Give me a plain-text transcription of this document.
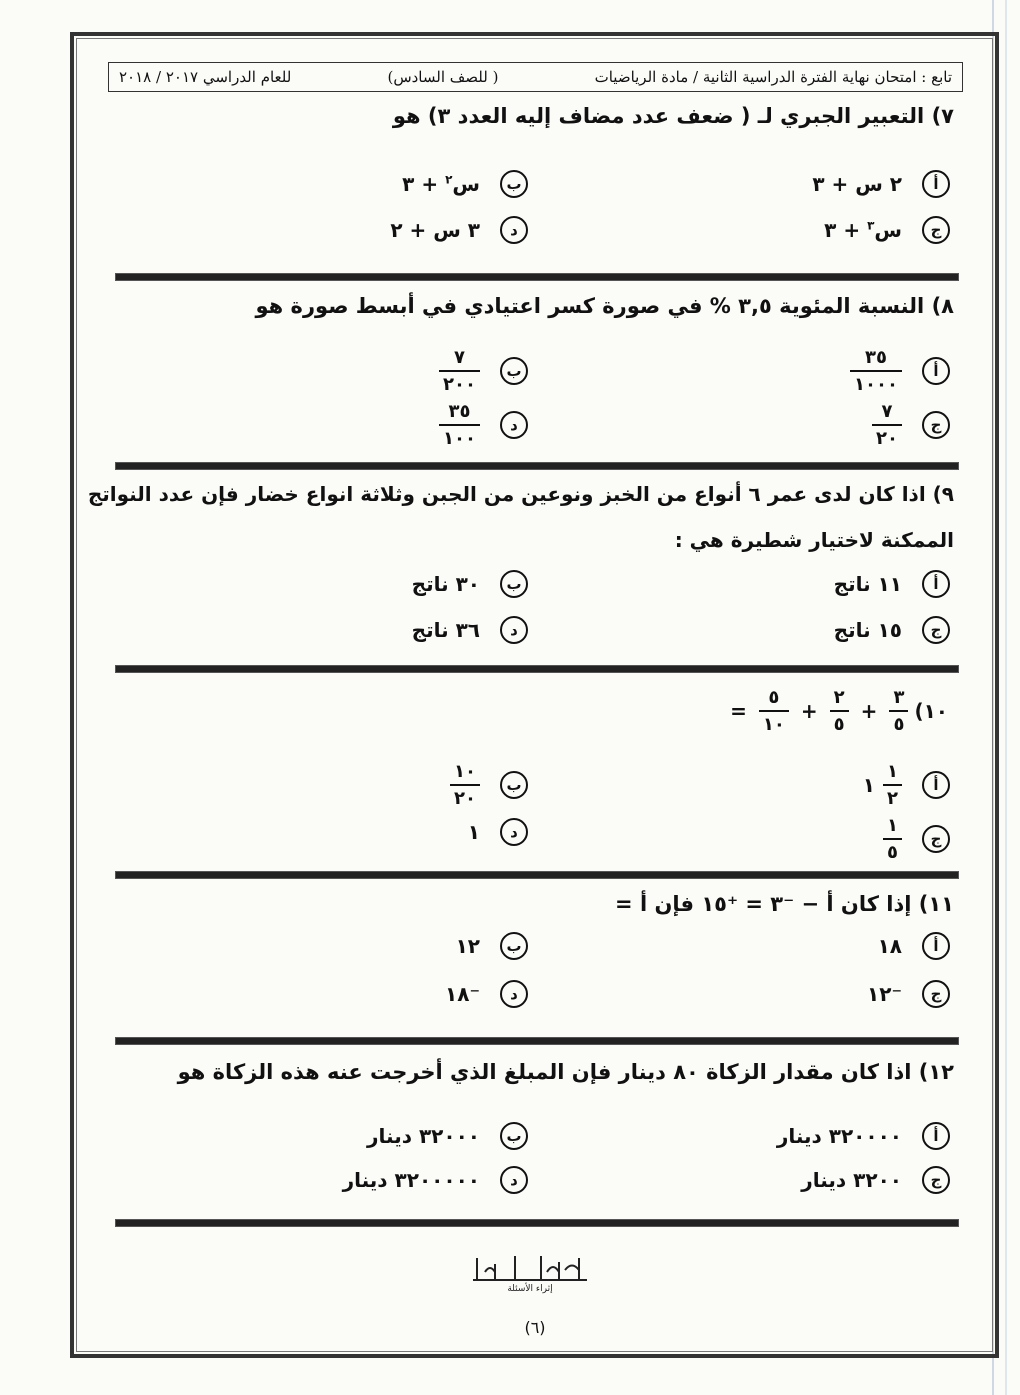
تابع : امتحان نهاية الفترة الدراسية الثانية / مادة الرياضيات
( للصف السادس)
للعام الدراسي ٢٠١٧ / ٢٠١٨
٧) التعبير الجبري لـ ( ضعف عدد مضاف إليه العدد ٣) هو
أ
٢ س + ٣
ب
س$^٢$ + ٣
ج
س$^٣$ + ٣
د
٣ س + ٢
٨) النسبة المئوية ٣,٥ % في صورة كسر اعتيادي في أبسط صورة هو
أ
$\frac{٣٥}{١٠٠٠}$
ب
$\frac{٧}{٢٠٠}$
ج
$\frac{٧}{٢٠}$
د
$\frac{٣٥}{١٠٠}$
٩) اذا كان لدى عمر ٦ أنواع من الخبز ونوعين من الجبن وثلاثة انواع خضار فإن عدد النواتج
الممكنة لاختيار شطيرة هي :
أ
١١ ناتج
ب
٣٠ ناتج
ج
١٥ ناتج
د
٣٦ ناتج
١٠)
$\frac{٣}{٥}$
+
$\frac{٢}{٥}$
+
$\frac{٥}{١٠}$
=
أ
$\frac{١}{٢}$
١
ب
$\frac{١٠}{٢٠}$
ج
$\frac{١}{٥}$
د
١
١١) إذا كان أ − ⁻٣ = ⁺١٥ فإن أ =
أ
١٨
ب
١٢
ج
⁻١٢
د
⁻١٨
١٢) اذا كان مقدار الزكاة ٨٠ دينار فإن المبلغ الذي أخرجت عنه هذه الزكاة هو
أ
٣٢٠٠٠٠ دينار
ب
٣٢٠٠٠ دينار
ج
٣٢٠٠ دينار
د
٣٢٠٠٠٠٠ دينار
إثراء الأسئلة
(٦)
